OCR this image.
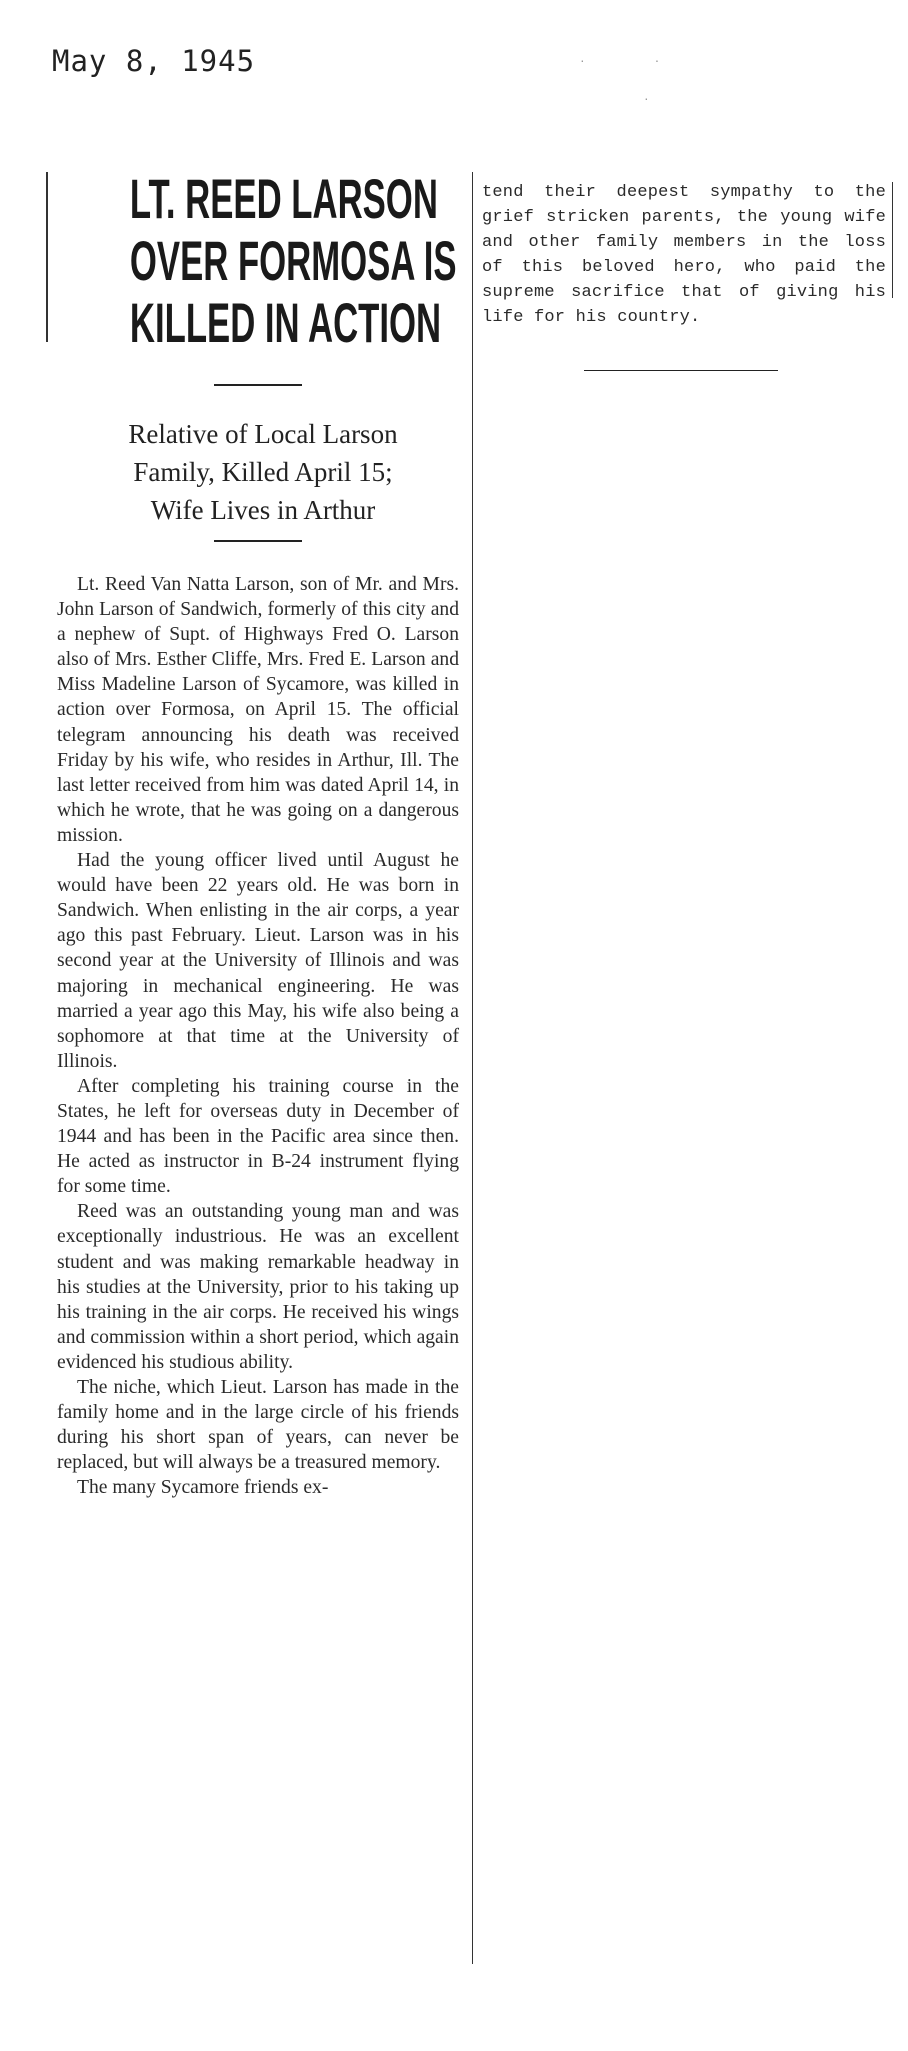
May 8, 1945	·                  ·
·
LT. REED LARSON
OVER FORMOSA IS
KILLED IN ACTION
Relative of Local Larson
Family, Killed April 15;
Wife Lives in Arthur

Lt. Reed Van Natta Larson, son of Mr. and Mrs. John Larson of Sandwich, formerly of this city and a nephew of Supt. of Highways Fred O. Larson also of Mrs. Esther Cliffe, Mrs. Fred E. Larson and Miss Madeline Larson of Sycamore, was killed in action over Formosa, on April 15. The official telegram announcing his death was received Friday by his wife, who resides in Arthur, Ill. The last letter received from him was dated April 14, in which he wrote, that he was going on a dangerous mission.

Had the young officer lived until August he would have been 22 years old. He was born in Sandwich. When enlisting in the air corps, a year ago this past February. Lieut. Larson was in his second year at the University of Illinois and was majoring in mechanical engineering. He was married a year ago this May, his wife also being a sophomore at that time at the University of Illinois.

After completing his training course in the States, he left for overseas duty in December of 1944 and has been in the Pacific area since then. He acted as instructor in B-24 instrument flying for some time.

Reed was an outstanding young man and was exceptionally industrious. He was an excellent student and was making remarkable headway in his studies at the University, prior to his taking up his training in the air corps. He received his wings and commission within a short period, which again evidenced his studious ability.

The niche, which Lieut. Larson has made in the family home and in the large circle of his friends during his short span of years, can never be replaced, but will always be a treasured memory.

The many Sycamore friends ex-

tend their deepest sympathy to the grief stricken parents, the young wife and other family members in the loss of this beloved hero, who paid the supreme sacrifice that of giving his life for his country.
